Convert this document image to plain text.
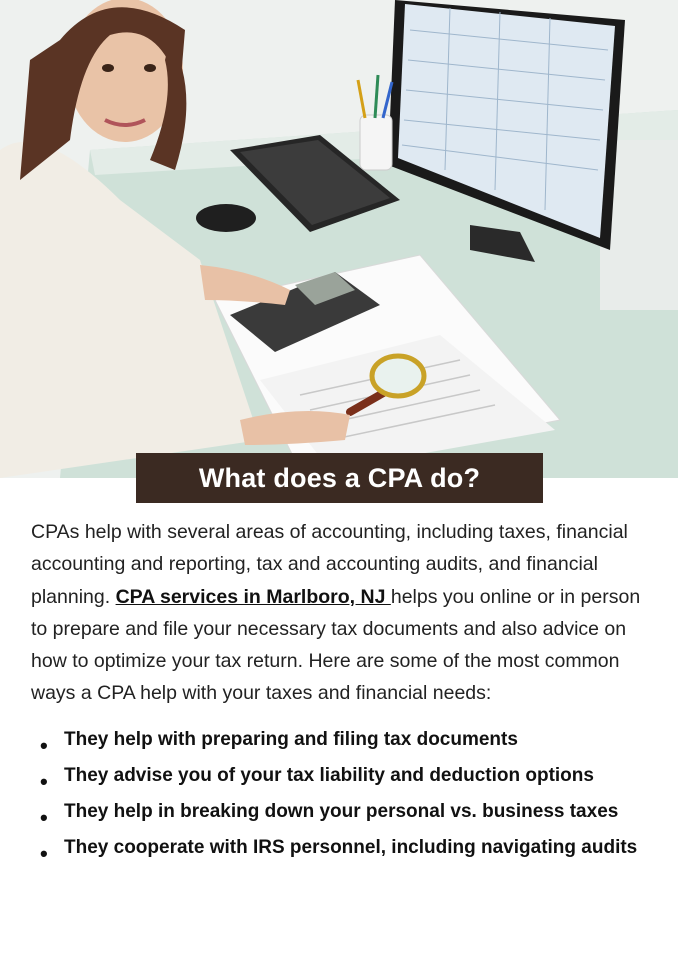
What does a CPA do?
CPAs help with several areas of accounting, including taxes, financial accounting and reporting, tax and accounting audits, and financial planning. CPA services in Marlboro, NJ helps you online or in person to prepare and file your necessary tax documents and also advice on how to optimize your tax return. Here are some of the most common ways a CPA help with your taxes and financial needs:
• They help with preparing and filing tax documents
• They advise you of your tax liability and deduction options
• They help in breaking down your personal vs. business taxes
• They cooperate with IRS personnel, including navigating audits
